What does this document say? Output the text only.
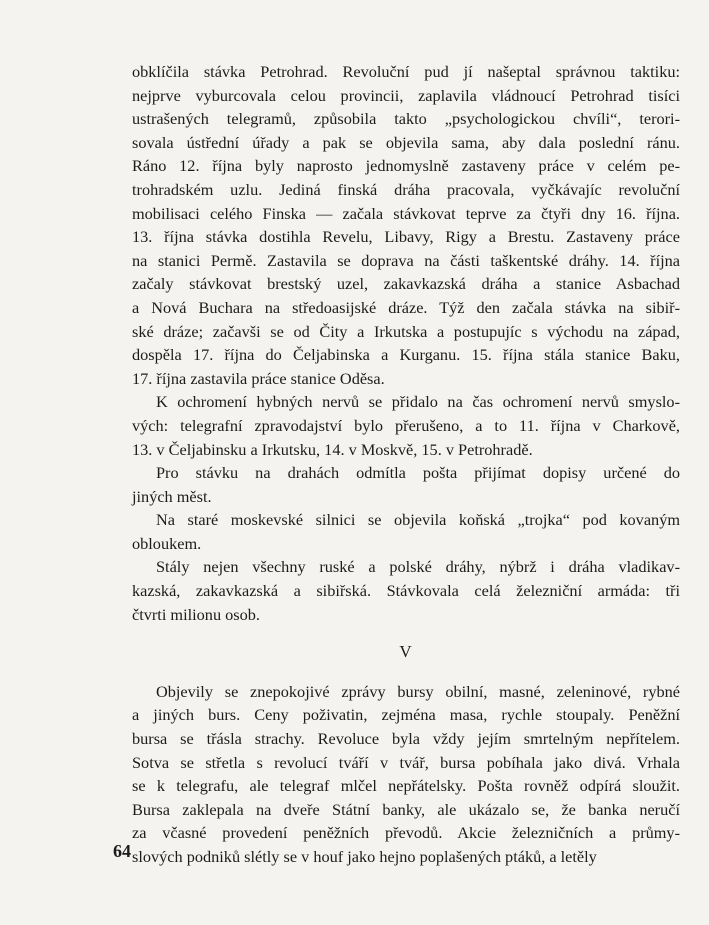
obklíčila stávka Petrohrad. Revoluční pud jí našeptal správnou taktiku:
nejprve vyburcovala celou provincii, zaplavila vládnoucí Petrohrad tisíci
ustrašených telegramů, způsobila takto „psychologickou chvíli“, terori-
sovala ústřední úřady a pak se objevila sama, aby dala poslední ránu.
Ráno 12. října byly naprosto jednomyslně zastaveny práce v celém pe-
trohradském uzlu. Jediná finská dráha pracovala, vyčkávajíc revoluční
mobilisaci celého Finska — začala stávkovat teprve za čtyři dny 16. října.
13. října stávka dostihla Revelu, Libavy, Rigy a Brestu. Zastaveny práce
na stanici Permě. Zastavila se doprava na části taškentské dráhy. 14. října
začaly stávkovat brestský uzel, zakavkazská dráha a stanice Asbachad
a Nová Buchara na středoasijské dráze. Týž den začala stávka na sibiř-
ské dráze; začavši se od Čity a Irkutska a postupujíc s východu na západ,
dospěla 17. října do Čeljabinska a Kurganu. 15. října stála stanice Baku,
17. října zastavila práce stanice Oděsa.
K ochromení hybných nervů se přidalo na čas ochromení nervů smyslo-
vých: telegrafní zpravodajství bylo přerušeno, a to 11. října v Charkově,
13. v Čeljabinsku a Irkutsku, 14. v Moskvě, 15. v Petrohradě.
Pro stávku na drahách odmítla pošta přijímat dopisy určené do
jiných měst.
Na staré moskevské silnici se objevila koňská „trojka“ pod kovaným
obloukem.
Stály nejen všechny ruské a polské dráhy, nýbrž i dráha vladikav-
kazská, zakavkazská a sibiřská. Stávkovala celá železniční armáda: tři
čtvrti milionu osob.
V
Objevily se znepokojivé zprávy bursy obilní, masné, zeleninové, rybné
a jiných burs. Ceny poživatin, zejména masa, rychle stoupaly. Peněžní
bursa se třásla strachy. Revoluce byla vždy jejím smrtelným nepřítelem.
Sotva se střetla s revolucí tváří v tvář, bursa pobíhala jako divá. Vrhala
se k telegrafu, ale telegraf mlčel nepřátelsky. Pošta rovněž odpírá sloužit.
Bursa zaklepala na dveře Státní banky, ale ukázalo se, že banka neručí
za včasné provedení peněžních převodů. Akcie železničních a průmy-
slových podniků slétly se v houf jako hejno poplašených ptáků, a letěly
64
